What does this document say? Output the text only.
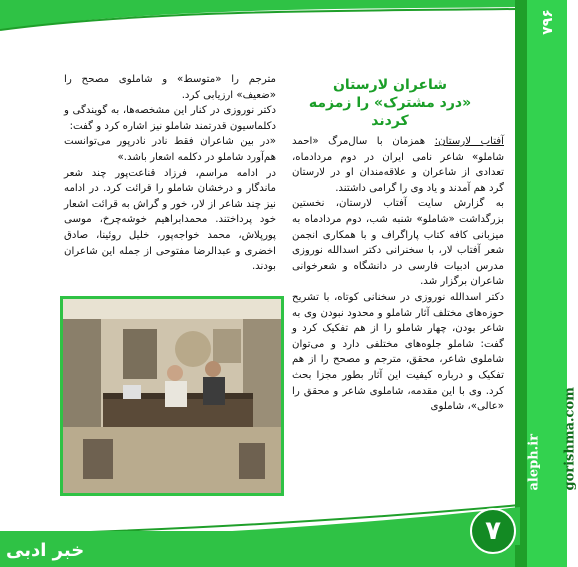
۷۹۶
gorishma.com
aleph.ir
شاعران لارستان
«درد مشترک» را زمزمه کردند

آفتاب لارستان: همزمان با سال‌مرگ «احمد شاملو» شاعر نامی ایران در دوم مردادماه، تعدادی از شاعران و علاقه‌مندان او در لارستان گرد هم آمدند و یاد وی را گرامی داشتند.

به گزارش سایت آفتاب لارستان، نخستین بزرگداشت «شاملو» شنبه شب، دوم مردادماه به میزبانی کافه کتاب پاراگراف و با همکاری انجمن شعر آفتاب لار، با سخنرانی دکتر اسدالله نوروزی مدرس ادبیات فارسی در دانشگاه و شعرخوانی شاعران برگزار شد.

دکتر اسدالله نوروزی در سخنانی کوتاه، با تشریح حوزه‌های مختلف آثار شاملو و محدود نبودن وی به شاعر بودن، چهار شاملو را از هم تفکیک کرد و گفت: شاملو جلوه‌های مختلفی دارد و می‌توان شاملوی شاعر، محقق، مترجم و مصحح را از هم تفکیک و درباره کیفیت این آثار بطور مجزا بحث کرد. وی با این مقدمه، شاملوی شاعر و محقق را «عالی»، شاملوی

مترجم را «متوسط» و شاملوی مصحح را «ضعیف» ارزیابی کرد.

دکتر نوروزی در کنار این مشخصه‌ها، به گویندگی و دکلماسیون قدرتمند شاملو نیز اشاره کرد و گفت:

«در بین شاعران فقط نادر نادرپور می‌توانست هم‌آورد شاملو در دکلمه اشعار باشد.»

در ادامه مراسم، فرزاد قناعت‌پور چند شعر ماندگار و درخشان شاملو را قرائت کرد. در ادامه نیز چند شاعر از لار، خور و گراش به قرائت اشعار خود پرداختند. محمدابراهیم خوشه‌چرخ، موسی پورپلاش، محمد خواجه‌پور، خلیل روئینا، صادق اخضری و عبدالرضا مفتوحی از جمله این شاعران بودند.

خبر ادبی
۷
